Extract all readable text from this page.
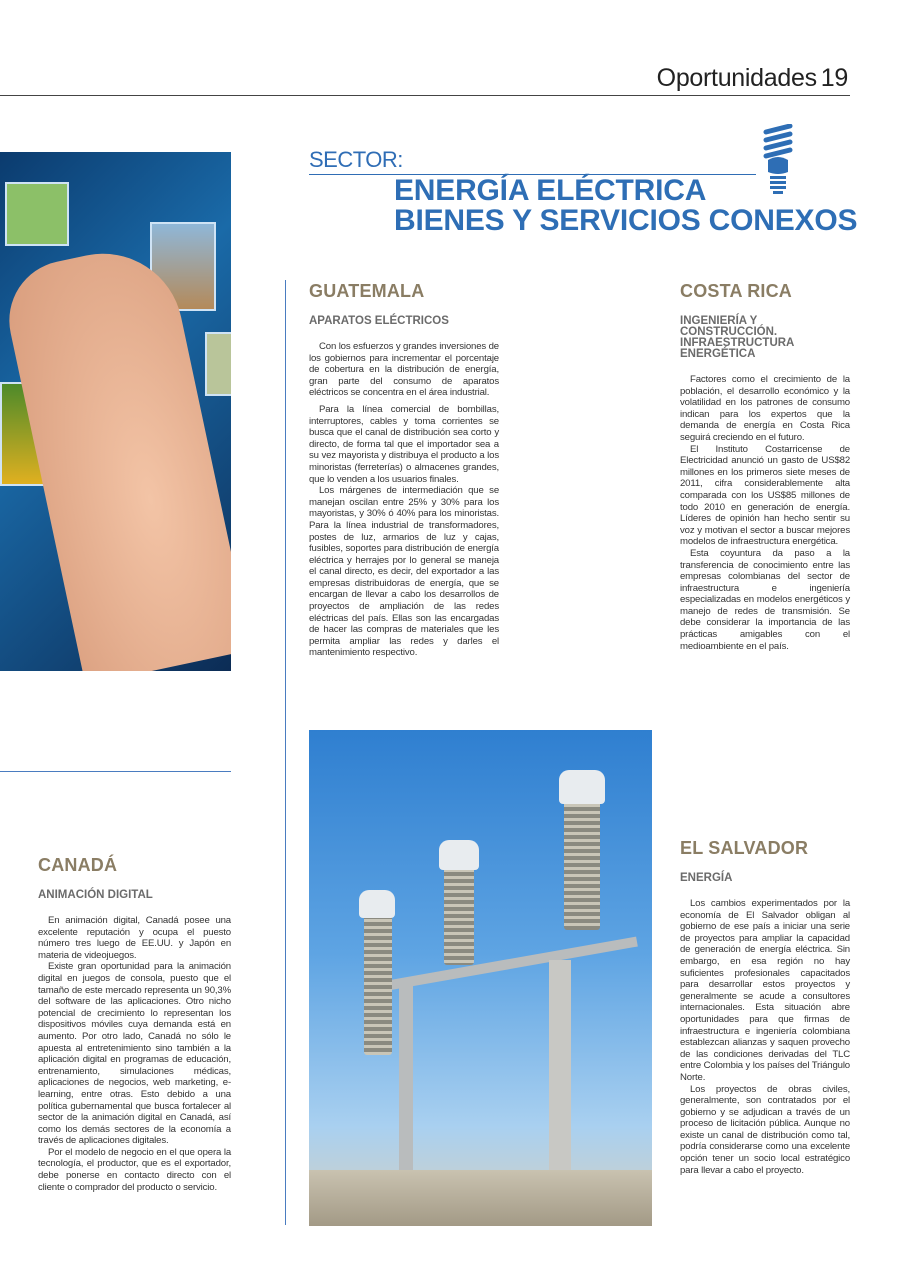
Oportunidades 19
SECTOR:
ENERGÍA ELÉCTRICA
BIENES Y SERVICIOS CONEXOS
GUATEMALA
APARATOS ELÉCTRICOS

Con los esfuerzos y grandes inversiones de los gobiernos para incrementar el porcentaje de cobertura en la distribución de energía, gran parte del consumo de aparatos eléctricos se concentra en el área industrial.

Para la línea comercial de bombillas, interruptores, cables y toma corrientes se busca que el canal de distribución sea corto y directo, de forma tal que el importador sea a su vez mayorista y distribuya el producto a los minoristas (ferreterías) o almacenes grandes, que lo venden a los usuarios finales.

Los márgenes de intermediación que se manejan oscilan entre 25% y 30% para los mayoristas, y 30% ó 40% para los minoristas. Para la línea industrial de transformadores, postes de luz, armarios de luz y cajas, fusibles, soportes para distribución de energía eléctrica y herrajes por lo general se maneja el canal directo, es decir, del exportador a las empresas distribuidoras de energía, que se encargan de llevar a cabo los desarrollos de proyectos de ampliación de las redes eléctricas del país. Ellas son las encargadas de hacer las compras de materiales que les permita ampliar las redes y darles el mantenimiento respectivo.

COSTA RICA
INGENIERÍA Y CONSTRUCCIÓN. INFRAESTRUCTURA ENERGÉTICA

Factores como el crecimiento de la población, el desarrollo económico y la volatilidad en los patrones de consumo indican para los expertos que la demanda de energía en Costa Rica seguirá creciendo en el futuro.

El Instituto Costarricense de Electricidad anunció un gasto de US$82 millones en los primeros siete meses de 2011, cifra considerablemente alta comparada con los US$85 millones de todo 2010 en generación de energía. Líderes de opinión han hecho sentir su voz y motivan el sector a buscar mejores modelos de infraestructura energética.

Esta coyuntura da paso a la transferencia de conocimiento entre las empresas colombianas del sector de infraestructura e ingeniería especializadas en modelos energéticos y manejo de redes de transmisión. Se debe considerar la importancia de las prácticas amigables con el medioambiente en el país.

EL SALVADOR
ENERGÍA

Los cambios experimentados por la economía de El Salvador obligan al gobierno de ese país a iniciar una serie de proyectos para ampliar la capacidad de generación de energía eléctrica. Sin embargo, en esa región no hay suficientes profesionales capacitados para desarrollar estos proyectos y generalmente se acude a consultores internacionales. Esta situación abre oportunidades para que firmas de infraestructura e ingeniería colombiana establezcan alianzas y saquen provecho de las condiciones derivadas del TLC entre Colombia y los países del Triángulo Norte.

Los proyectos de obras civiles, generalmente, son contratados por el gobierno y se adjudican a través de un proceso de licitación pública. Aunque no existe un canal de distribución como tal, podría considerarse como una excelente opción tener un socio local estratégico para llevar a cabo el proyecto.

CANADÁ
ANIMACIÓN DIGITAL

En animación digital, Canadá posee una excelente reputación y ocupa el puesto número tres luego de EE.UU. y Japón en materia de videojuegos.

Existe gran oportunidad para la animación digital en juegos de consola, puesto que el tamaño de este mercado representa un 90,3% del software de las aplicaciones. Otro nicho potencial de crecimiento lo representan los dispositivos móviles cuya demanda está en aumento. Por otro lado, Canadá no sólo le apuesta al entretenimiento sino también a la aplicación digital en programas de educación, entrenamiento, simulaciones médicas, aplicaciones de negocios, web marketing, e-learning, entre otras. Esto debido a una política gubernamental que busca fortalecer al sector de la animación digital en Canadá, así como los demás sectores de la economía a través de aplicaciones digitales.

Por el modelo de negocio en el que opera la tecnología, el productor, que es el exportador, debe ponerse en contacto directo con el cliente o comprador del producto o servicio.
